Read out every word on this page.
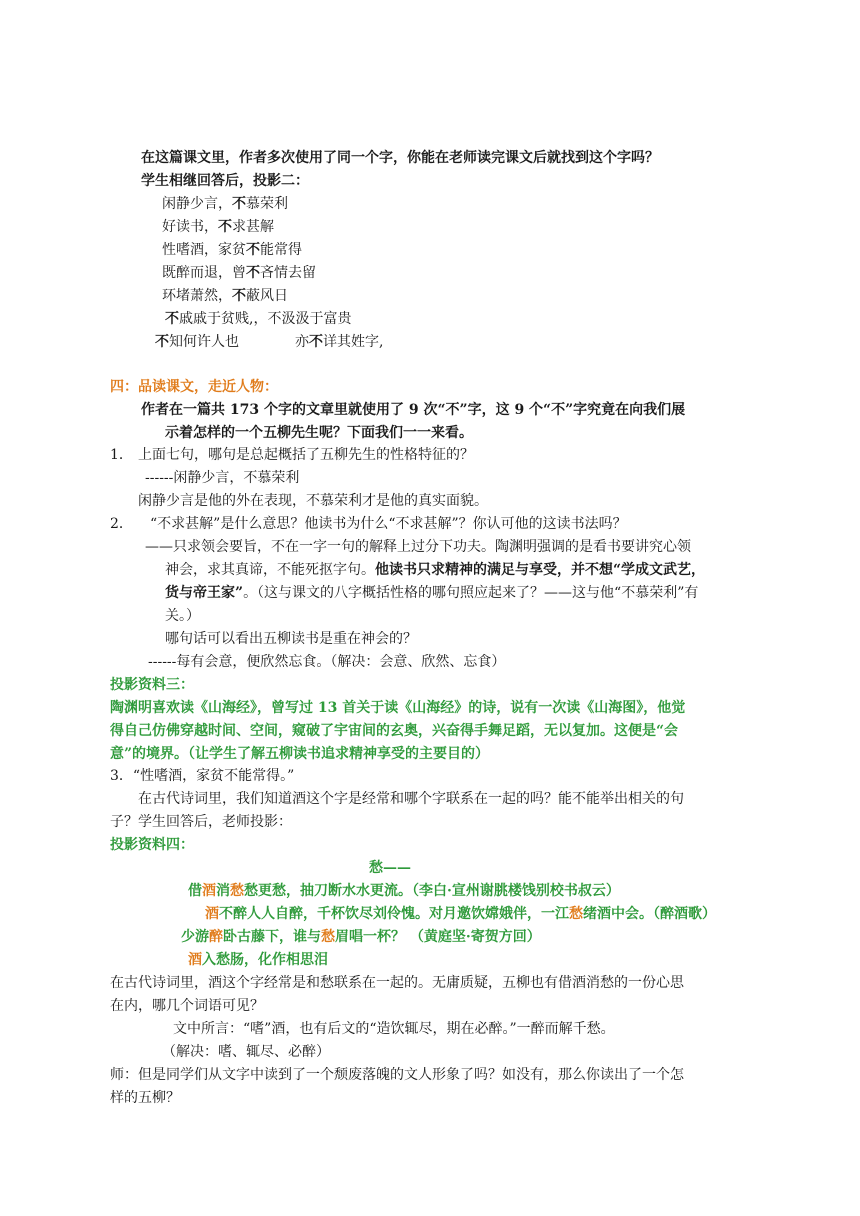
在这篇课文里，作者多次使用了同一个字，你能在老师读完课文后就找到这个字吗？
学生相继回答后，投影二：
闲静少言，不慕荣利
好读书，不求甚解
性嗜酒，家贫不能常得
既醉而退，曾不吝情去留
环堵萧然，不蔽风日
不戚戚于贫贱,，不汲汲于富贵
不知何许人也	亦不详其姓字,
四：品读课文，走近人物：
作者在一篇共 173 个字的文章里就使用了 9 次“不”字，这 9 个“不”字究竟在向我们展
示着怎样的一个五柳先生呢？下面我们一一来看。
1． 上面七句，哪句是总起概括了五柳先生的性格特征的？
------闲静少言，不慕荣利
闲静少言是他的外在表现，不慕荣利才是他的真实面貌。
2． “不求甚解”是什么意思？他读书为什么“不求甚解”？你认可他的这读书法吗？
——只求领会要旨，不在一字一句的解释上过分下功夫。陶渊明强调的是看书要讲究心领
神会，求其真谛，不能死抠字句。他读书只求精神的满足与享受，并不想“学成文武艺，
货与帝王家”。（这与课文的八字概括性格的哪句照应起来了？——这与他“不慕荣利”有
关。）
哪句话可以看出五柳读书是重在神会的？
------每有会意，便欣然忘食。（解决：会意、欣然、忘食）
投影资料三：
陶渊明喜欢读《山海经》，曾写过 13 首关于读《山海经》的诗，说有一次读《山海图》，他觉
得自己仿佛穿越时间、空间，窥破了宇宙间的玄奥，兴奋得手舞足蹈，无以复加。这便是“会
意”的境界。（让学生了解五柳读书追求精神享受的主要目的）
3．“性嗜酒，家贫不能常得。”
在古代诗词里，我们知道酒这个字是经常和哪个字联系在一起的吗？能不能举出相关的句
子？学生回答后，老师投影：
投影资料四：
愁——
借酒消愁愁更愁，抽刀断水水更流。（李白·宣州谢朓楼饯别校书叔云）
酒不醉人人自醉，千杯饮尽刘伶愧。对月邀饮嫦娥伴，一江愁绪酒中会。（醉酒歌）
少游醉卧古藤下，谁与愁眉唱一杯？ （黄庭坚·寄贺方回）
酒入愁肠，化作相思泪
在古代诗词里，酒这个字经常是和愁联系在一起的。无庸质疑，五柳也有借酒消愁的一份心思
在内，哪几个词语可见？
文中所言：“嗜”酒，也有后文的“造饮辄尽，期在必醉。”一醉而解千愁。
（解决：嗜、辄尽、必醉）
师：但是同学们从文字中读到了一个颓废落魄的文人形象了吗？如没有，那么你读出了一个怎
样的五柳？
